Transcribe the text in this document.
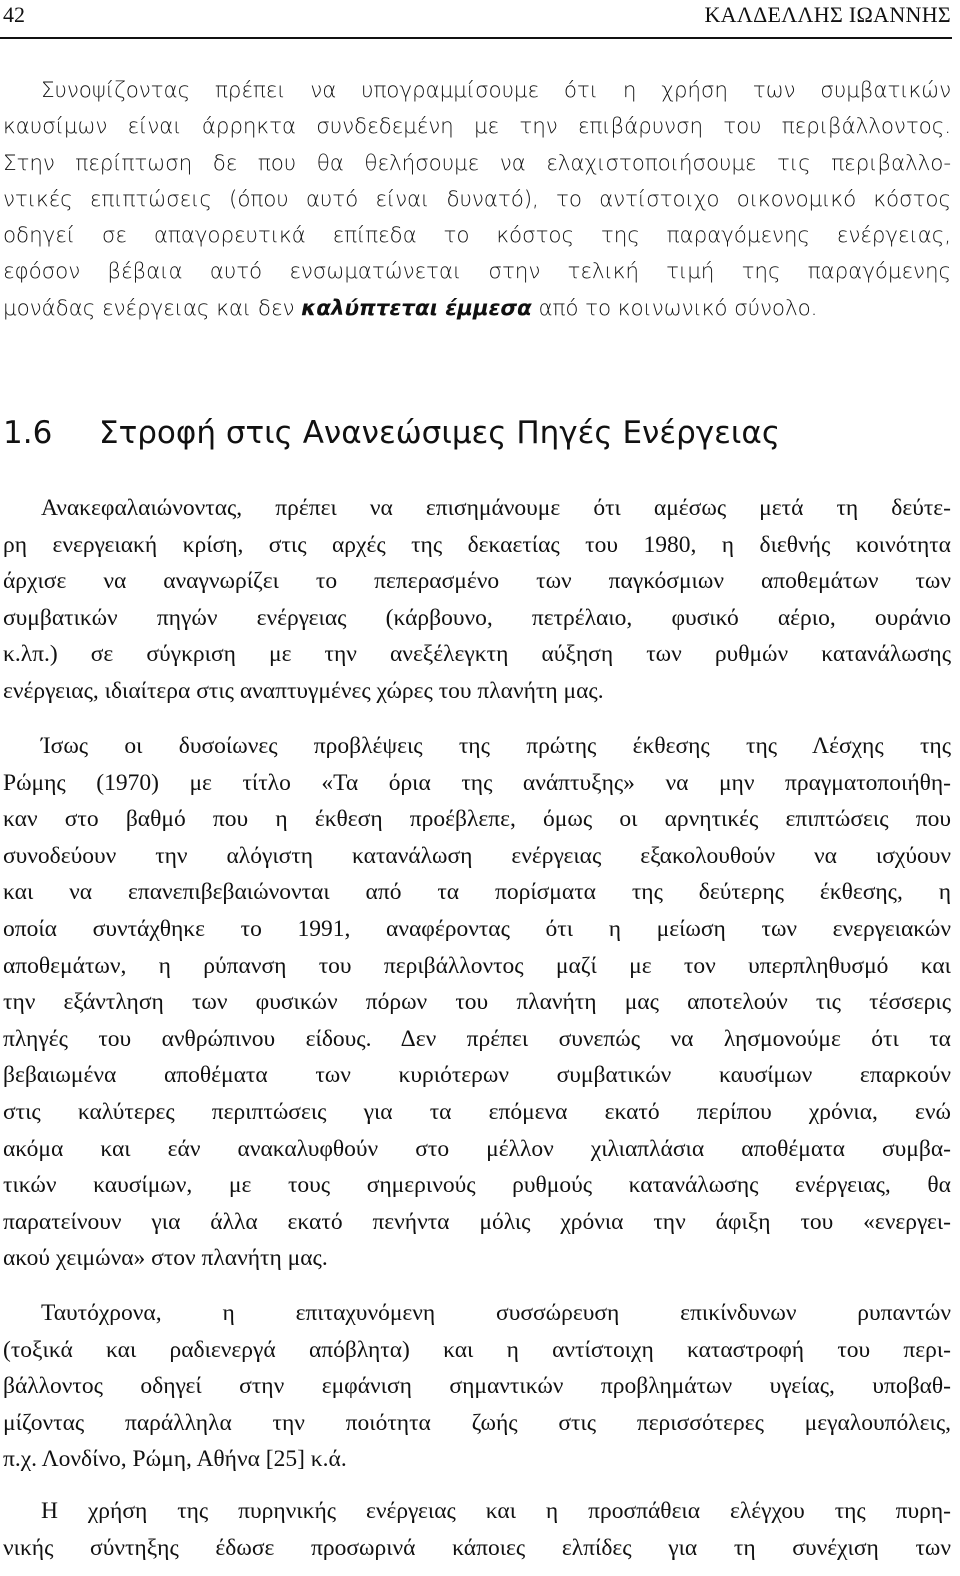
42	ΚΑΛΔΕΛΛΗΣ ΙΩΑΝΝΗΣ
Συνοψίζοντας πρέπει να υπογραμμίσουμε ότι η χρήση των συμβατικών
καυσίμων είναι άρρηκτα συνδεδεμένη με την επιβάρυνση του περιβάλλοντος.
Στην περίπτωση δε που θα θελήσουμε να ελαχιστοποιήσουμε τις περιβαλλο-
ντικές επιπτώσεις (όπου αυτό είναι δυνατό), το αντίστοιχο οικονομικό κόστος
οδηγεί σε απαγορευτικά επίπεδα το κόστος της παραγόμενης ενέργειας,
εφόσον βέβαια αυτό ενσωματώνεται στην τελική τιμή της παραγόμενης
μονάδας ενέργειας και δεν καλύπτεται έμμεσα από το κοινωνικό σύνολο.
1.6 Στροφή στις Ανανεώσιμες Πηγές Ενέργειας
Ανακεφαλαιώνοντας, πρέπει να επισημάνουμε ότι αμέσως μετά τη δεύτε-
ρη ενεργειακή κρίση, στις αρχές της δεκαετίας του 1980, η διεθνής κοινότητα
άρχισε να αναγνωρίζει το πεπερασμένο των παγκόσμιων αποθεμάτων των
συμβατικών πηγών ενέργειας (κάρβουνο, πετρέλαιο, φυσικό αέριο, ουράνιο
κ.λπ.) σε σύγκριση με την ανεξέλεγκτη αύξηση των ρυθμών κατανάλωσης
ενέργειας, ιδιαίτερα στις αναπτυγμένες χώρες του πλανήτη μας.
Ίσως οι δυσοίωνες προβλέψεις της πρώτης έκθεσης της Λέσχης της
Ρώμης (1970) με τίτλο «Τα όρια της ανάπτυξης» να μην πραγματοποιήθη-
καν στο βαθμό που η έκθεση προέβλεπε, όμως οι αρνητικές επιπτώσεις που
συνοδεύουν την αλόγιστη κατανάλωση ενέργειας εξακολουθούν να ισχύουν
και να επανεπιβεβαιώνονται από τα πορίσματα της δεύτερης έκθεσης, η
οποία συντάχθηκε το 1991, αναφέροντας ότι η μείωση των ενεργειακών
αποθεμάτων, η ρύπανση του περιβάλλοντος μαζί με τον υπερπληθυσμό και
την εξάντληση των φυσικών πόρων του πλανήτη μας αποτελούν τις τέσσερις
πληγές του ανθρώπινου είδους. Δεν πρέπει συνεπώς να λησμονούμε ότι τα
βεβαιωμένα αποθέματα των κυριότερων συμβατικών καυσίμων επαρκούν
στις καλύτερες περιπτώσεις για τα επόμενα εκατό περίπου χρόνια, ενώ
ακόμα και εάν ανακαλυφθούν στο μέλλον χιλιαπλάσια αποθέματα συμβα-
τικών καυσίμων, με τους σημερινούς ρυθμούς κατανάλωσης ενέργειας, θα
παρατείνουν για άλλα εκατό πενήντα μόλις χρόνια την άφιξη του «ενεργει-
ακού χειμώνα» στον πλανήτη μας.
Ταυτόχρονα, η επιταχυνόμενη συσσώρευση επικίνδυνων ρυπαντών
(τοξικά και ραδιενεργά απόβλητα) και η αντίστοιχη καταστροφή του περι-
βάλλοντος οδηγεί στην εμφάνιση σημαντικών προβλημάτων υγείας, υποβαθ-
μίζοντας παράλληλα την ποιότητα ζωής στις περισσότερες μεγαλουπόλεις,
π.χ. Λονδίνο, Ρώμη, Αθήνα [25] κ.ά.
Η χρήση της πυρηνικής ενέργειας και η προσπάθεια ελέγχου της πυρη-
νικής σύντηξης έδωσε προσωρινά κάποιες ελπίδες για τη συνέχιση των
